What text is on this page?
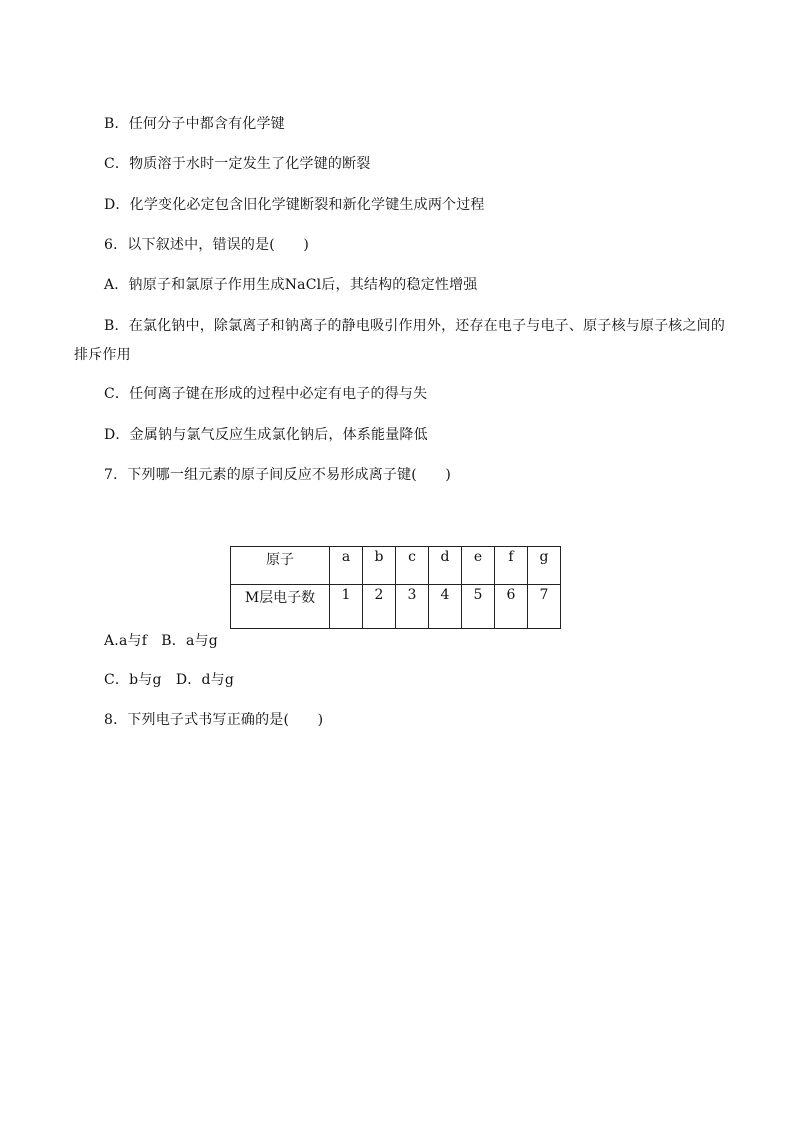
B．任何分子中都含有化学键
C．物质溶于水时一定发生了化学键的断裂
D．化学变化必定包含旧化学键断裂和新化学键生成两个过程
6．以下叙述中，错误的是(　　)
A．钠原子和氯原子作用生成NaCl后，其结构的稳定性增强
B．在氯化钠中，除氯离子和钠离子的静电吸引作用外，还存在电子与电子、原子核与原子核之间的
排斥作用
C．任何离子键在形成的过程中必定有电子的得与失
D．金属钠与氯气反应生成氯化钠后，体系能量降低
7．下列哪一组元素的原子间反应不易形成离子键(　　)
原子	a	b	c	d	e	f	g
M层电子数	1	2	3	4	5	6	7
A.a与f　B．a与g
C．b与g　D．d与g
8．下列电子式书写正确的是(　　)
